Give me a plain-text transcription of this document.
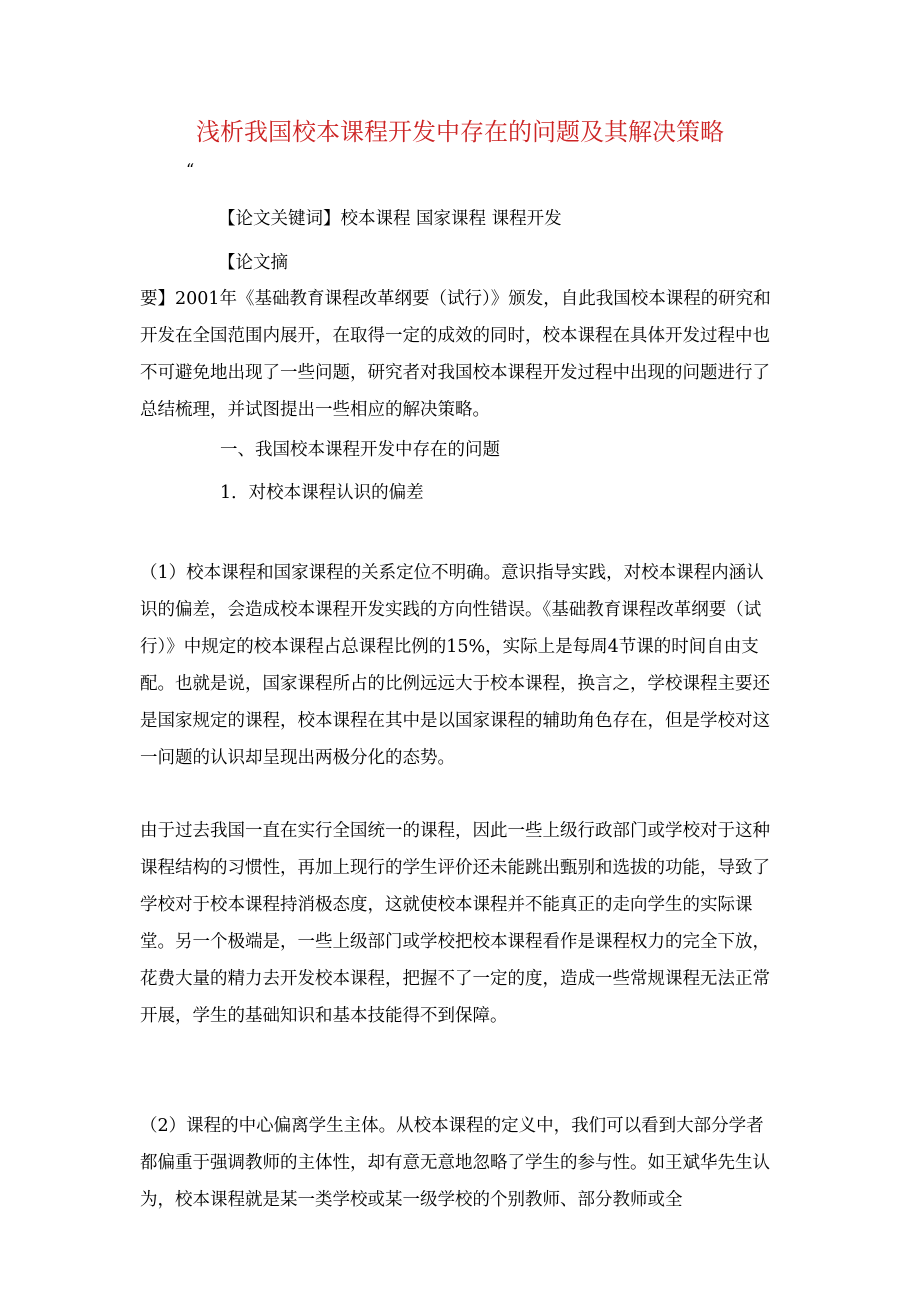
浅析我国校本课程开发中存在的问题及其解决策略
“

【论文关键词】校本课程 国家课程 课程开发

【论文摘

要】2001年《基础教育课程改革纲要（试行）》颁发，自此我国校本课程的研究和开发在全国范围内展开，在取得一定的成效的同时，校本课程在具体开发过程中也不可避免地出现了一些问题，研究者对我国校本课程开发过程中出现的问题进行了总结梳理，并试图提出一些相应的解决策略。

一、我国校本课程开发中存在的问题

1．对校本课程认识的偏差

（1）校本课程和国家课程的关系定位不明确。意识指导实践，对校本课程内涵认识的偏差，会造成校本课程开发实践的方向性错误。《基础教育课程改革纲要（试行）》中规定的校本课程占总课程比例的15%，实际上是每周4节课的时间自由支配。也就是说，国家课程所占的比例远远大于校本课程，换言之，学校课程主要还是国家规定的课程，校本课程在其中是以国家课程的辅助角色存在，但是学校对这一问题的认识却呈现出两极分化的态势。

由于过去我国一直在实行全国统一的课程，因此一些上级行政部门或学校对于这种课程结构的习惯性，再加上现行的学生评价还未能跳出甄别和选拔的功能，导致了学校对于校本课程持消极态度，这就使校本课程并不能真正的走向学生的实际课堂。另一个极端是，一些上级部门或学校把校本课程看作是课程权力的完全下放，花费大量的精力去开发校本课程，把握不了一定的度，造成一些常规课程无法正常开展，学生的基础知识和基本技能得不到保障。

（2）课程的中心偏离学生主体。从校本课程的定义中，我们可以看到大部分学者都偏重于强调教师的主体性，却有意无意地忽略了学生的参与性。如王斌华先生认为，校本课程就是某一类学校或某一级学校的个别教师、部分教师或全
